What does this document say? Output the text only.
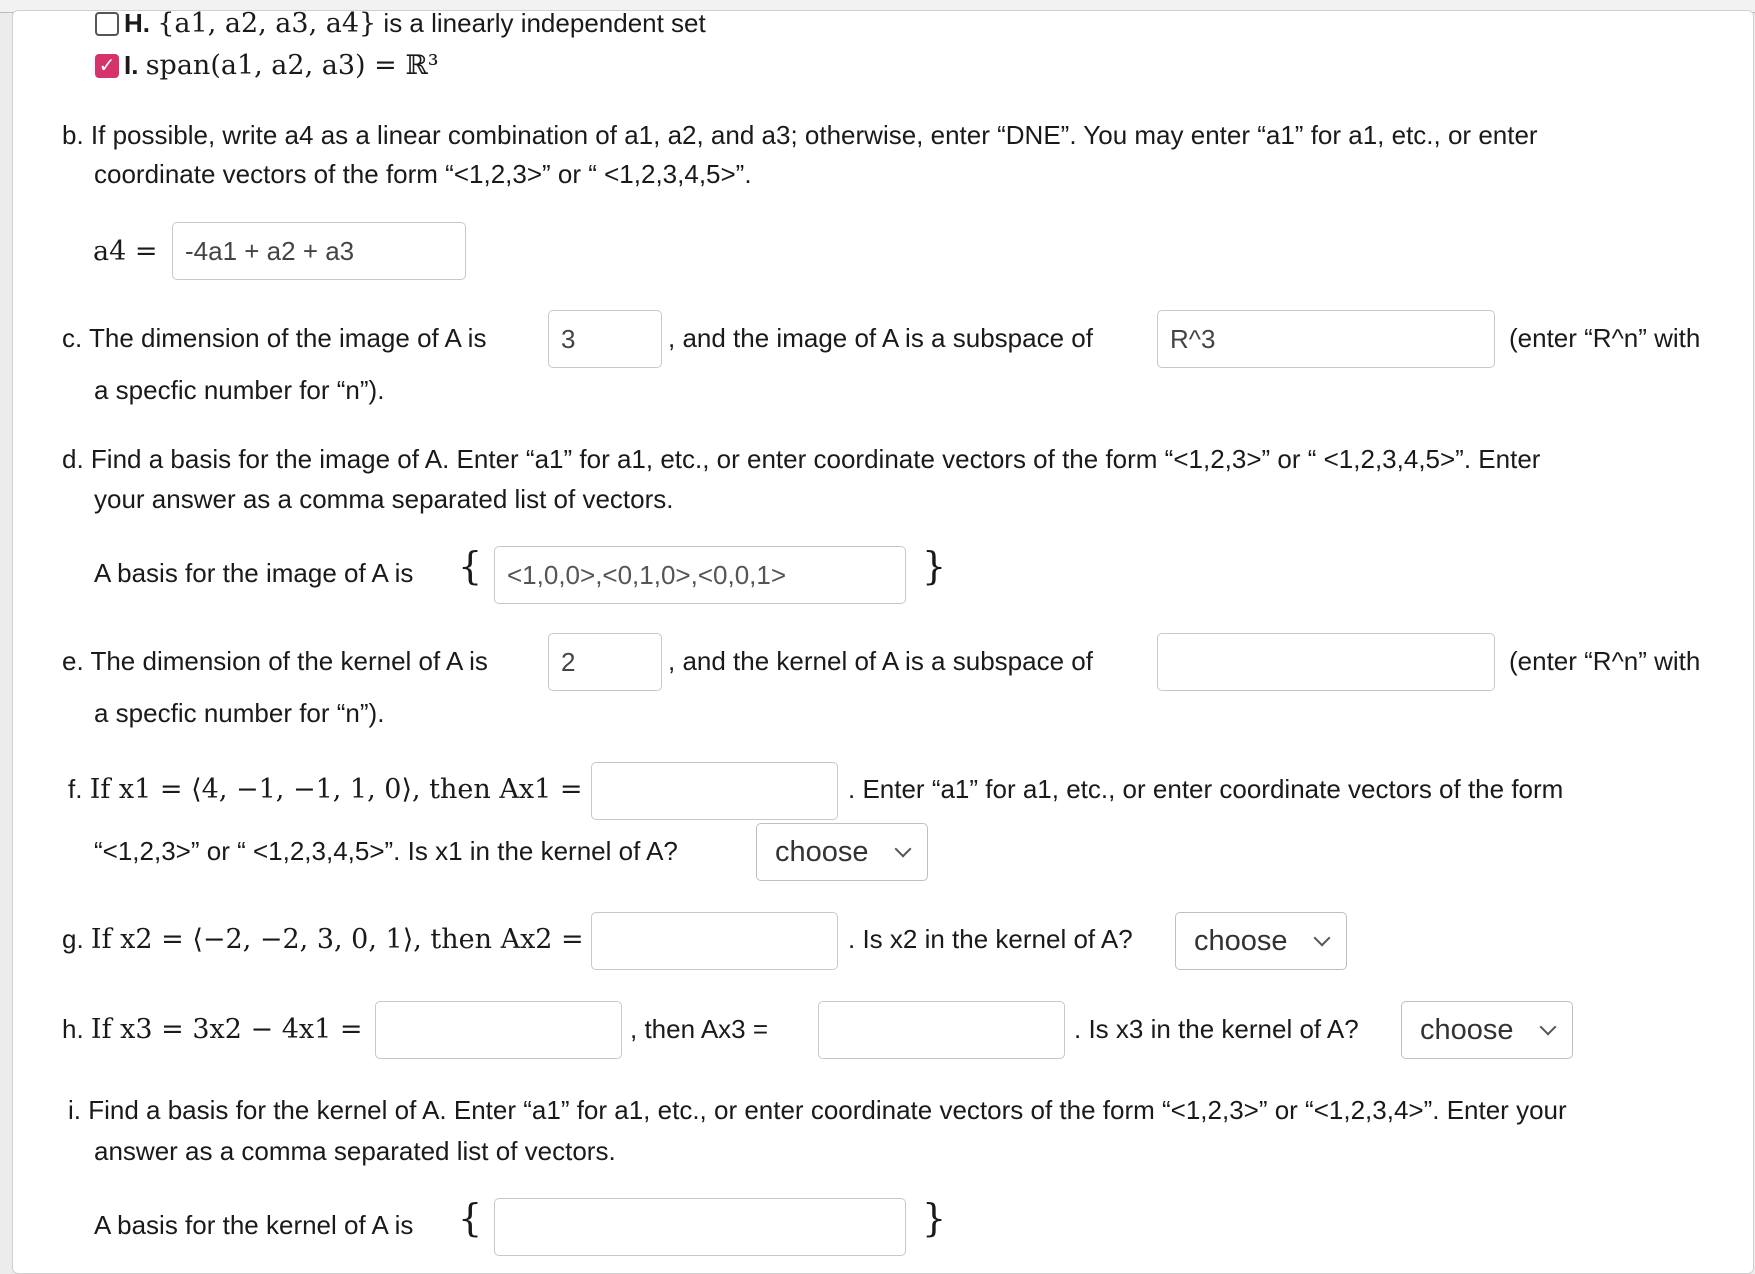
H. {a1, a2, a3, a4} is a linearly independent set
✓ I. span(a1, a2, a3) = ℝ³
b. If possible, write a4 as a linear combination of a1, a2, and a3; otherwise, enter “DNE”. You may enter “a1” for a1, etc., or enter
coordinate vectors of the form “<1,2,3>” or “ <1,2,3,4,5>”.
a4 =
-4a1 + a2 + a3
c. The dimension of the image of A is
3	, and the image of A is a subspace of
R^3	(enter “R^n” with
a specfic number for “n”).
d. Find a basis for the image of A. Enter “a1” for a1, etc., or enter coordinate vectors of the form “<1,2,3>” or “ <1,2,3,4,5>”. Enter
your answer as a comma separated list of vectors.
A basis for the image of A is {
<1,0,0>,<0,1,0>,<0,0,1>	}
e. The dimension of the kernel of A is
2	, and the kernel of A is a subspace of	(enter “R^n” with
a specfic number for “n”).
f. If x1 = ⟨4, −1, −1, 1, 0⟩, then Ax1 =	. Enter “a1” for a1, etc., or enter coordinate vectors of the form
“<1,2,3>” or “ <1,2,3,4,5>”. Is x1 in the kernel of A?	choose
g. If x2 = ⟨−2, −2, 3, 0, 1⟩, then Ax2 =	. Is x2 in the kernel of A? choose
h. If x3 = 3x2 − 4x1 =	, then Ax3 =	. Is x3 in the kernel of A? choose
i. Find a basis for the kernel of A. Enter “a1” for a1, etc., or enter coordinate vectors of the form “<1,2,3>” or “<1,2,3,4>”. Enter your
answer as a comma separated list of vectors.
A basis for the kernel of A is {	}
